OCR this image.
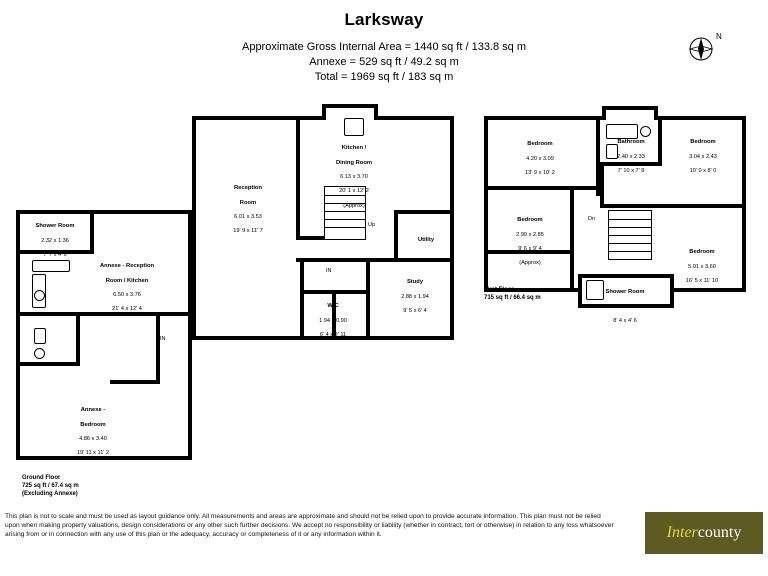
Larksway
Approximate Gross Internal Area = 1440 sq ft / 133.8 sq m
Annexe = 529 sq ft / 49.2 sq m
Total = 1969 sq ft / 183 sq m
N
Up

Reception

Room

6.01 x 3.53

19' 9 x 11' 7

Kitchen /

Dining Room

6.13 x 3.70

20' 1 x 12' 2

(Approx)

Utility

Study

2.88 x 1.94

9' 5 x 6' 4

W C

1.94 x 0.90

6' 4 x 2' 11

IN

Shower Room

2.32 x 1.36

7' 7 x 4' 6

Annexe - Reception

Room / Kitchen

6.50 x 3.76

21' 4 x 12' 4

Annexe -

Bedroom

4.86 x 3.40

19' 11 x 11' 2

IN
Ground Floor
725 sq ft / 67.4 sq m
(Excluding Annexe)
Dn

Bedroom

4.20 x 3.09

13' 9 x 10' 2

Bathroom

2.40 x 2.33

7' 10 x 7' 8

Bedroom

3.04 x 2.43

10' 0 x 8' 0

Bedroom

2.90 x 2.85

9' 6 x 9' 4

(Approx)

Bedroom

5.01 x 3.60

16' 5 x 11' 10

Shower Room

2.53 x 1.37

8' 4 x 4' 6

First Floor
715 sq ft / 66.4 sq m
This plan is not to scale and must be used as layout guidance only. All measurements and areas are approximate and should not be relied upon to provide accurate information. This plan must not be relied upon when making property valuations, design considerations or any other such further decisions. We accept no responsibility or liability (whether in contract, tort or otherwise) in relation to any loss whatsoever arising from or in connection with any use of this plan or the adequacy, accuracy or completeness of it or any information within it.	Inter county
